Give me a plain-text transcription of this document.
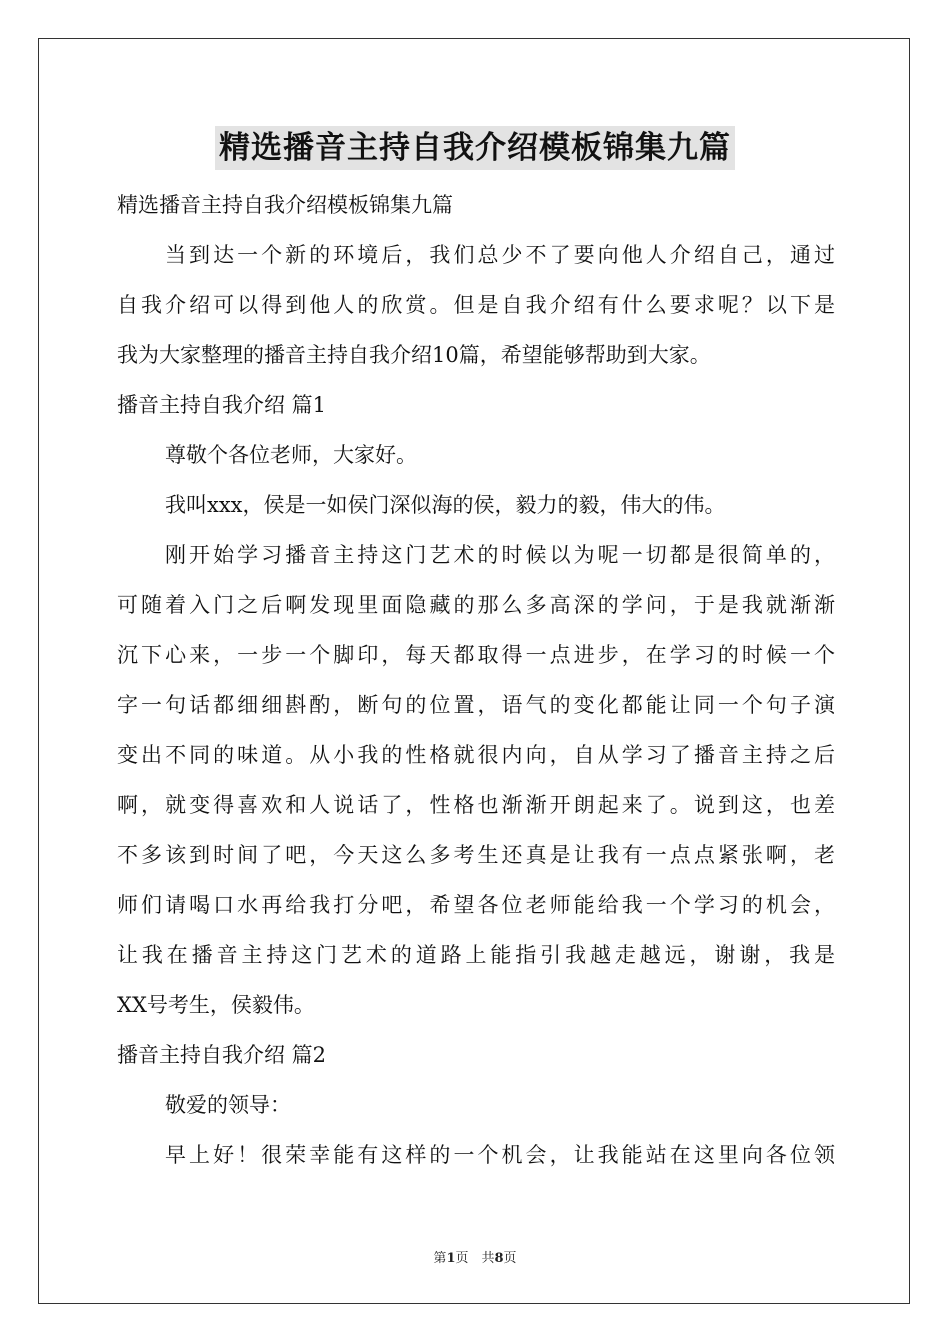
精选播音主持自我介绍模板锦集九篇
精选播音主持自我介绍模板锦集九篇
当到达一个新的环境后，我们总少不了要向他人介绍自己，通过
自我介绍可以得到他人的欣赏。但是自我介绍有什么要求呢？以下是
我为大家整理的播音主持自我介绍10篇，希望能够帮助到大家。
播音主持自我介绍 篇1
尊敬个各位老师，大家好。
我叫xxx，侯是一如侯门深似海的侯，毅力的毅，伟大的伟。
刚开始学习播音主持这门艺术的时候以为呢一切都是很简单的，
可随着入门之后啊发现里面隐藏的那么多高深的学问，于是我就渐渐
沉下心来，一步一个脚印，每天都取得一点进步，在学习的时候一个
字一句话都细细斟酌，断句的位置，语气的变化都能让同一个句子演
变出不同的味道。从小我的性格就很内向，自从学习了播音主持之后
啊，就变得喜欢和人说话了，性格也渐渐开朗起来了。说到这，也差
不多该到时间了吧，今天这么多考生还真是让我有一点点紧张啊，老
师们请喝口水再给我打分吧，希望各位老师能给我一个学习的机会，
让我在播音主持这门艺术的道路上能指引我越走越远，谢谢，我是
XX号考生，侯毅伟。
播音主持自我介绍 篇2
敬爱的领导：
早上好！很荣幸能有这样的一个机会，让我能站在这里向各位领
第1页　共8页
